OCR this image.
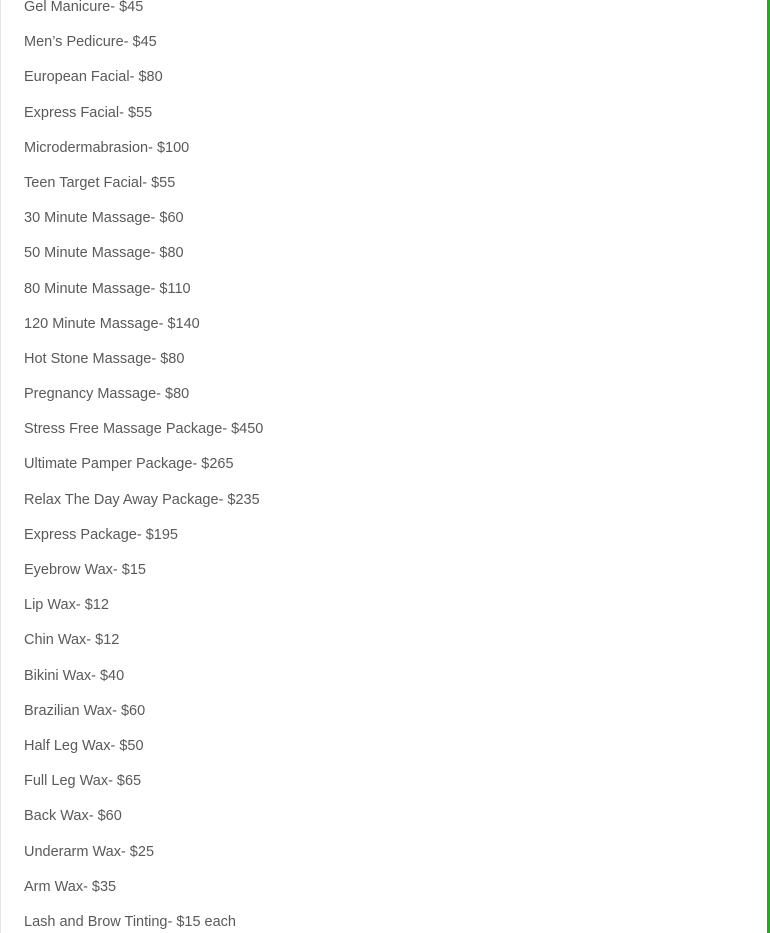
Gel Manicure- $45
Men’s Pedicure- $45
European Facial- $80
Express Facial- $55
Microdermabrasion- $100
Teen Target Facial- $55
30 Minute Massage- $60
50 Minute Massage- $80
80 Minute Massage- $110
120 Minute Massage- $140
Hot Stone Massage- $80
Pregnancy Massage- $80
Stress Free Massage Package- $450
Ultimate Pamper Package- $265
Relax The Day Away Package- $235
Express Package- $195
Eyebrow Wax- $15
Lip Wax- $12
Chin Wax- $12
Bikini Wax- $40
Brazilian Wax- $60
Half Leg Wax- $50
Full Leg Wax- $65
Back Wax- $60
Underarm Wax- $25
Arm Wax- $35
Lash and Brow Tinting- $15 each
